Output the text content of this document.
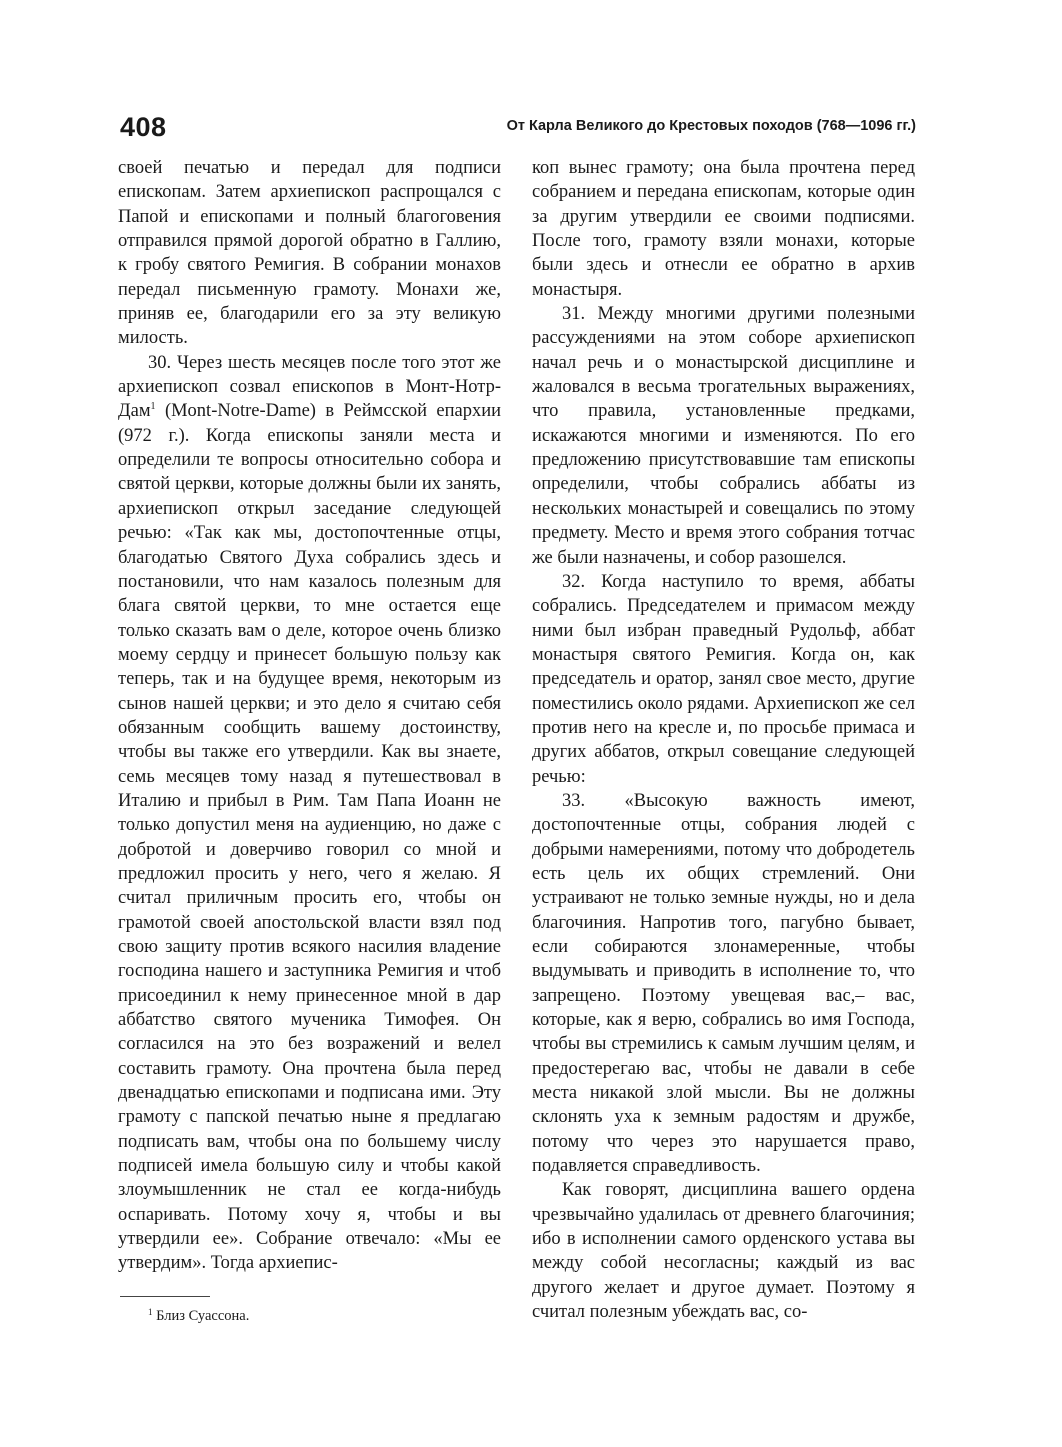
408	От Карла Великого до Крестовых походов (768—1096 гг.)

своей печатью и передал для подписи епископам. Затем архиепископ распрощался с Папой и епископами и полный благоговения отправился прямой дорогой обратно в Галлию, к гробу святого Ремигия. В собрании монахов передал письменную грамоту. Монахи же, приняв ее, благодарили его за эту великую милость.

30. Через шесть месяцев после того этот же архиепископ созвал епископов в Монт-Нотр-Дам$^1$ (Mont-Notre-Dame) в Реймсской епархии (972 г.). Когда епископы заняли места и определили те вопросы относительно собора и святой церкви, которые должны были их занять, архиепископ открыл заседание следующей речью: «Так как мы, достопочтенные отцы, благодатью Святого Духа собрались здесь и постановили, что нам казалось полезным для блага святой церкви, то мне остается еще только сказать вам о деле, которое очень близко моему сердцу и принесет большую пользу как теперь, так и на будущее время, некоторым из сынов нашей церкви; и это дело я считаю себя обязанным сообщить вашему достоинству, чтобы вы также его утвердили. Как вы знаете, семь месяцев тому назад я путешествовал в Италию и прибыл в Рим. Там Папа Иоанн не только допустил меня на аудиенцию, но даже с добротой и доверчиво говорил со мной и предложил просить у него, чего я желаю. Я считал приличным просить его, чтобы он грамотой своей апостольской власти взял под свою защиту против всякого насилия владение господина нашего и заступника Ремигия и чтоб присоединил к нему принесенное мной в дар аббатство святого мученика Тимофея. Он согласился на это без возражений и велел составить грамоту. Она прочтена была перед двенадцатью епископами и подписана ими. Эту грамоту с папской печатью ныне я предлагаю подписать вам, чтобы она по большему числу подписей имела большую силу и чтобы какой злоумышленник не стал ее когда-нибудь оспаривать. Потому хочу я, чтобы и вы утвердили ее». Собрание отвечало: «Мы ее утвердим». Тогда архиепис-

коп вынес грамоту; она была прочтена перед собранием и передана епископам, которые один за другим утвердили ее своими подписями. После того, грамоту взяли монахи, которые были здесь и отнесли ее обратно в архив монастыря.

31. Между многими другими полезными рассуждениями на этом соборе архиепископ начал речь и о монастырской дисциплине и жаловался в весьма трогательных выражениях, что правила, установленные предками, искажаются многими и изменяются. По его предложению присутствовавшие там епископы определили, чтобы собрались аббаты из нескольких монастырей и совещались по этому предмету. Место и время этого собрания тотчас же были назначены, и собор разошелся.

32. Когда наступило то время, аббаты собрались. Председателем и примасом между ними был избран праведный Рудольф, аббат монастыря святого Ремигия. Когда он, как председатель и оратор, занял свое место, другие поместились около рядами. Архиепископ же сел против него на кресле и, по просьбе примаса и других аббатов, открыл совещание следующей речью:

33. «Высокую важность имеют, достопочтенные отцы, собрания людей с добрыми намерениями, потому что добродетель есть цель их общих стремлений. Они устраивают не только земные нужды, но и дела благочиния. Напротив того, пагубно бывает, если собираются злонамеренные, чтобы выдумывать и приводить в исполнение то, что запрещено. Поэтому увещевая вас,– вас, которые, как я верю, собрались во имя Господа, чтобы вы стремились к самым лучшим целям, и предостерегаю вас, чтобы не давали в себе места никакой злой мысли. Вы не должны склонять уха к земным радостям и дружбе, потому что через это нарушается право, подавляется справедливость.

Как говорят, дисциплина вашего ордена чрезвычайно удалилась от древнего благочиния; ибо в исполнении самого орденского устава вы между собой несогласны; каждый из вас другого желает и другое думает. Поэтому я считал полезным убеждать вас, со-

$^1$ Близ Суассона.
